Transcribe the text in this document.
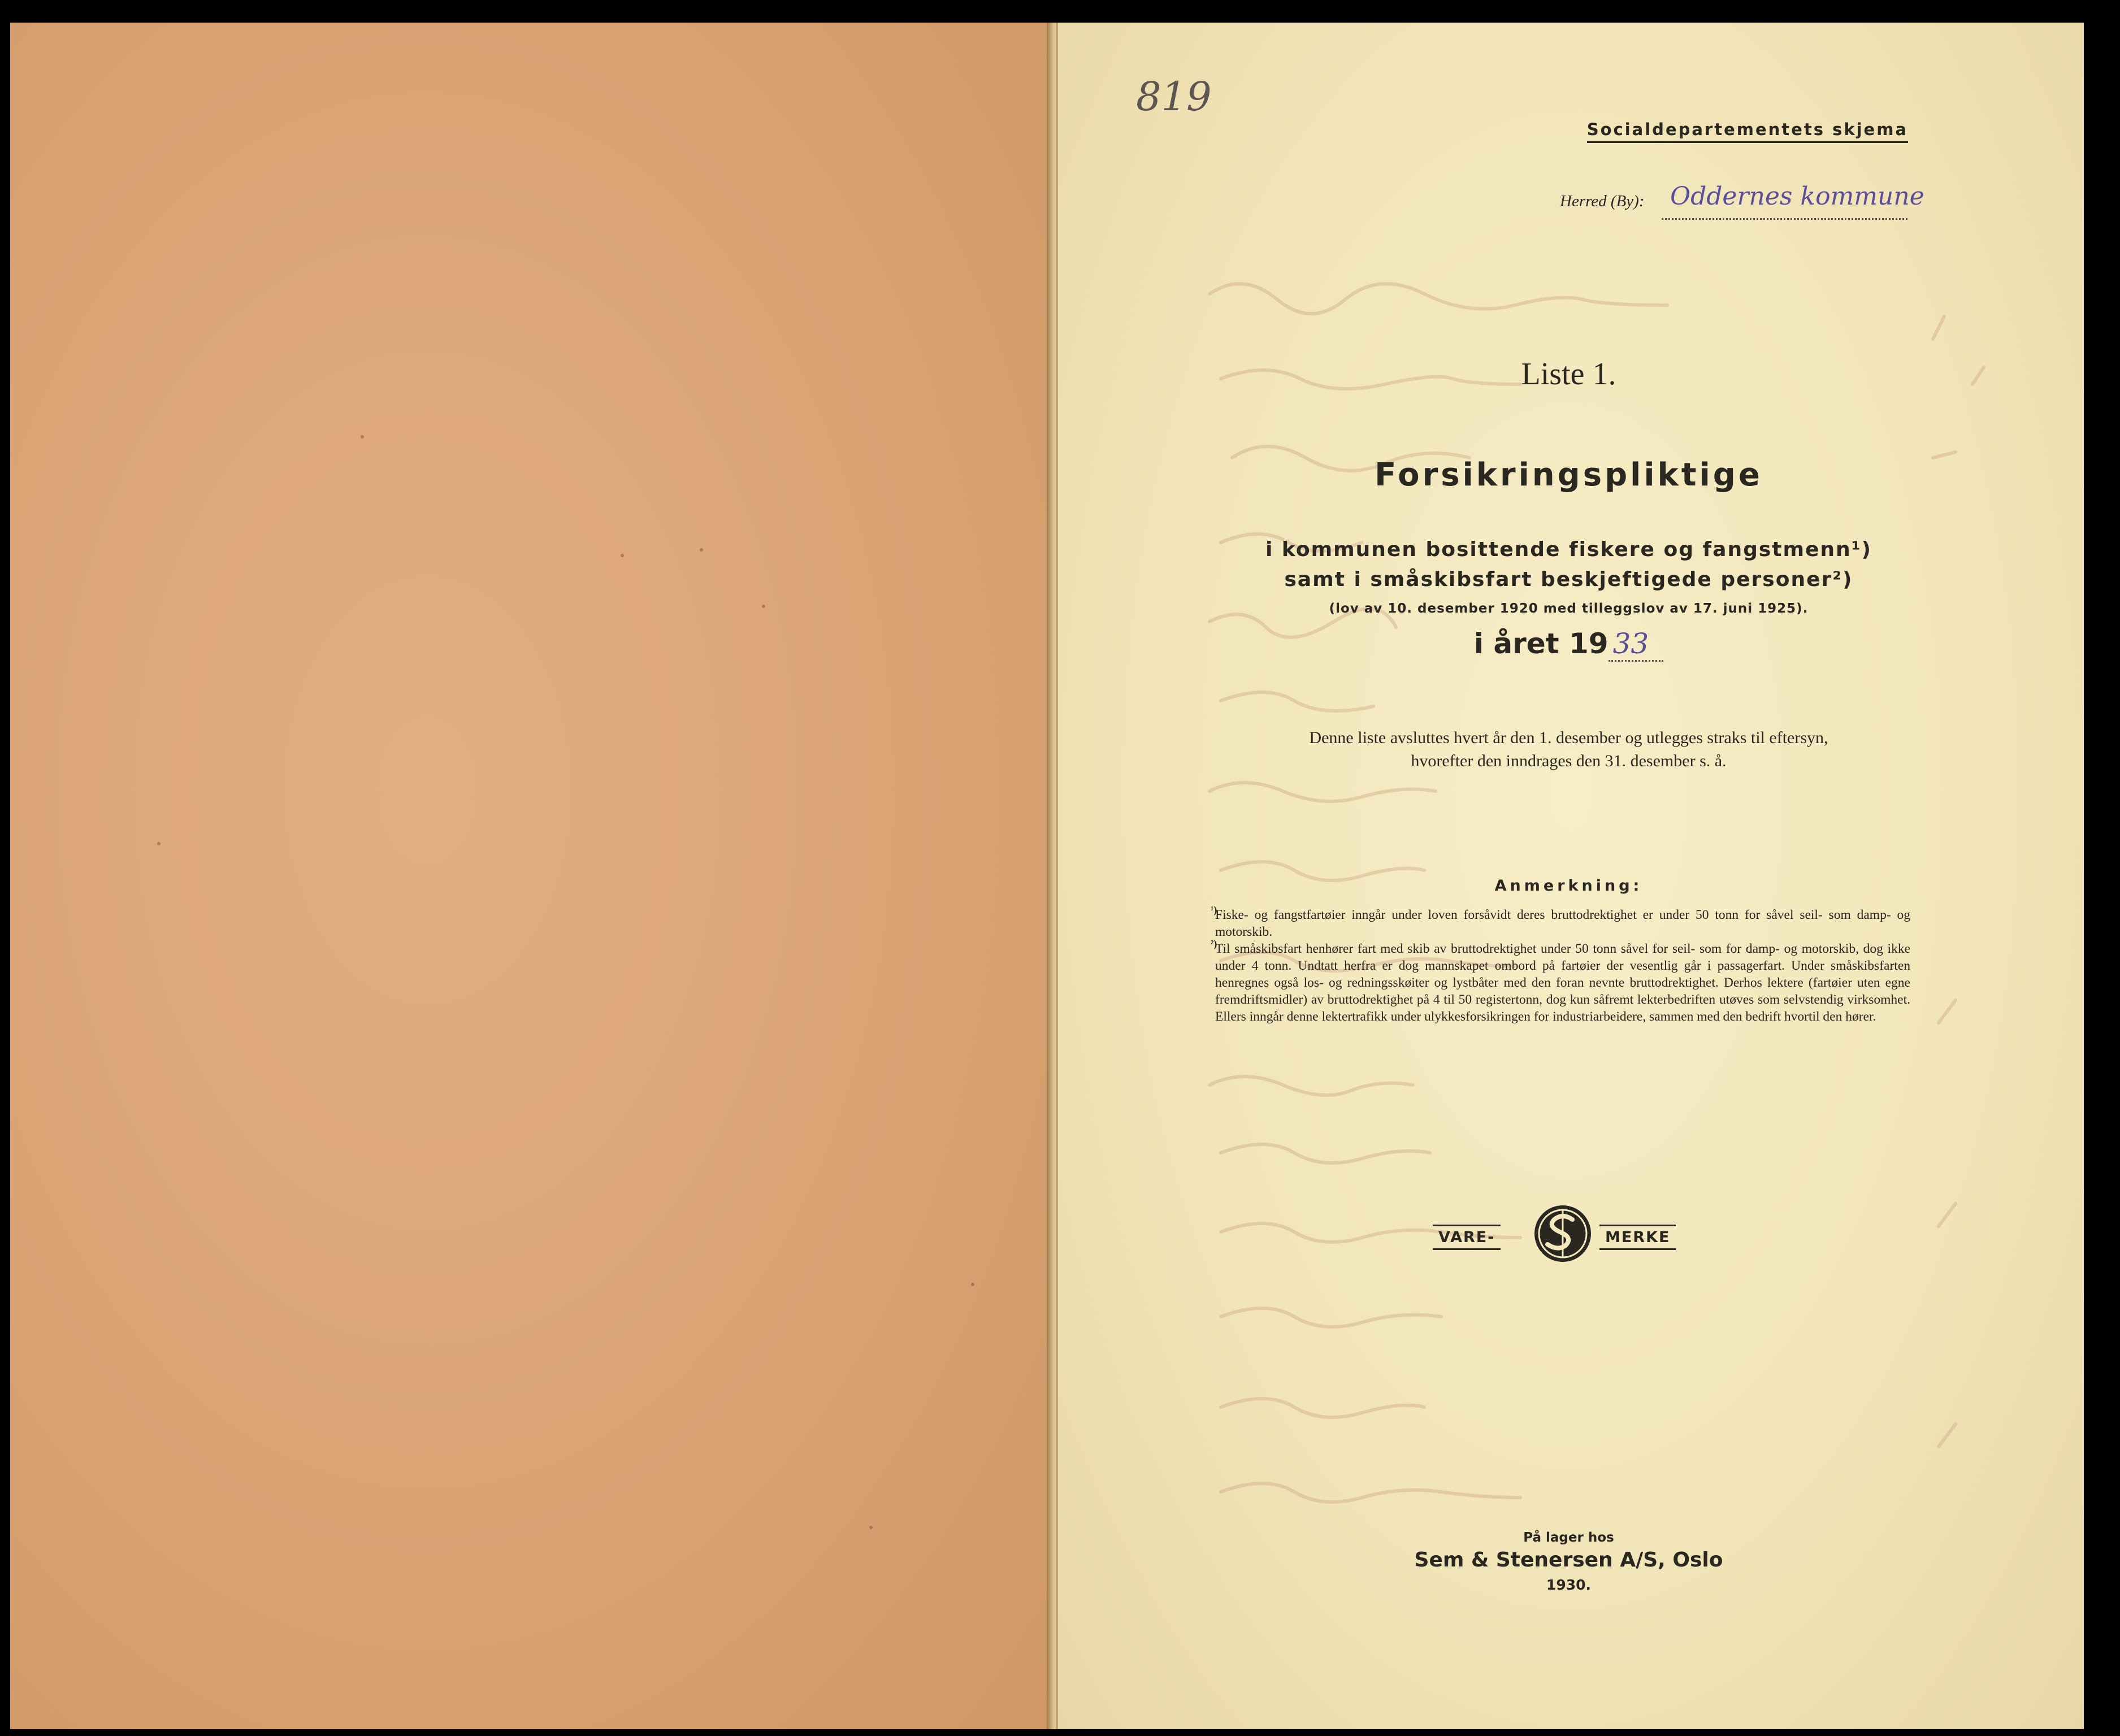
819
Socialdepartementets skjema
Herred (By): Oddernes kommune
Liste 1.
Forsikringspliktige
i kommunen bosittende fiskere og fangstmenn¹)
samt i småskibsfart beskjeftigede personer²)
(lov av 10. desember 1920 med tilleggslov av 17. juni 1925).
i året 19 33
Denne liste avsluttes hvert år den 1. desember og utlegges straks til eftersyn,
hvorefter den inndrages den 31. desember s. å.
Anmerkning:
¹)
Fiske- og fangstfartøier inngår under loven forsåvidt deres bruttodrektighet er under 50 tonn for såvel seil- som damp- og motorskib.
²)
Til småskibsfart henhører fart med skib av bruttodrektighet under 50 tonn såvel for seil- som for damp- og motorskib, dog ikke under 4 tonn. Undtatt herfra er dog mannskapet ombord på fartøier der vesentlig går i passagerfart. Under småskibsfarten henregnes også los- og redningsskøiter og lystbåter med den foran nevnte bruttodrektighet. Derhos lektere (fartøier uten egne fremdriftsmidler) av bruttodrektighet på 4 til 50 registertonn, dog kun såfremt lekterbedriften utøves som selvstendig virksomhet. Ellers inngår denne lektertrafikk under ulykkesforsikringen for industriarbeidere, sammen med den bedrift hvortil den hører.
VARE-	MERKE
På lager hos
Sem & Stenersen A/S, Oslo
1930.
